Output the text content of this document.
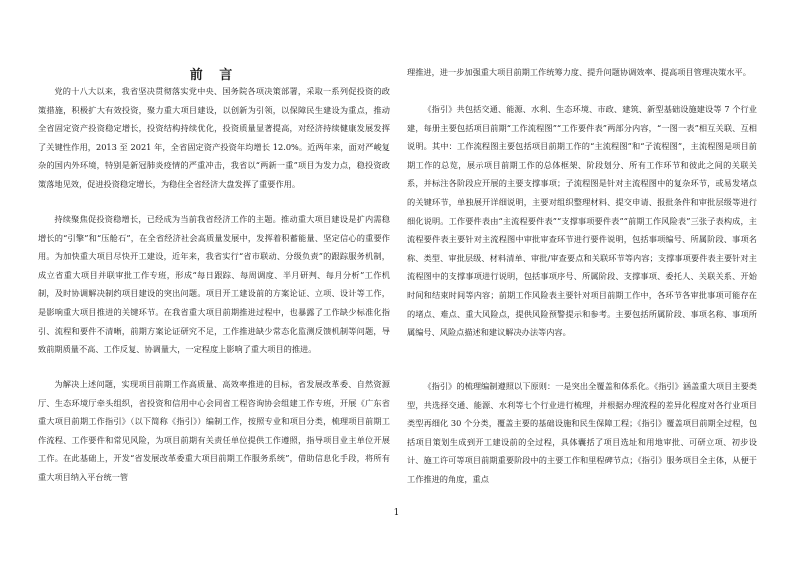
前 言

党的十八大以来，我省坚决贯彻落实党中央、国务院各项决策部署，采取一系列促投资的政策措施，积极扩大有效投资，聚力重大项目建设，以创新为引领，以保障民生建设为重点，推动全省固定资产投资稳定增长，投资结构持续优化，投资质量显著提高，对经济持续健康发展发挥了关键性作用，2013 至 2021 年，全省固定资产投资年均增长 12.0%。近两年来，面对严峻复杂的国内外环境，特别是新冠肺炎疫情的严重冲击，我省以“两新一重”项目为发力点，稳投资政策落地见效，促进投资稳定增长，为稳住全省经济大盘发挥了重要作用。

持续聚焦促投资稳增长，已经成为当前我省经济工作的主题。推动重大项目建设是扩内需稳增长的“引擎”和“压舱石”，在全省经济社会高质量发展中，发挥着积蓄能量、坚定信心的重要作用。为加快重大项目尽快开工建设，近年来，我省实行“省市联动、分级负责”的跟踪服务机制，成立省重大项目并联审批工作专班，形成“每日跟踪、每周调度、半月研判、每月分析”工作机制，及时协调解决制约项目建设的突出问题。项目开工建设前的方案论证、立项、设计等工作，是影响重大项目推进的关键环节。在我省重大项目前期推进过程中，也暴露了工作缺少标准化指引、流程和要件不清晰，前期方案论证研究不足，工作推进缺少常态化监测反馈机制等问题，导致前期质量不高、工作反复、协调量大，一定程度上影响了重大项目的推进。

为解决上述问题，实现项目前期工作高质量、高效率推进的目标，省发展改革委、自然资源厅、生态环境厅牵头组织，省投资和信用中心会同省工程咨询协会组建工作专班，开展《广东省重大项目前期工作指引》（以下简称《指引》）编制工作，按照专业和项目分类，梳理项目前期工作流程、工作要件和常见风险，为项目前期有关责任单位提供工作遵照，指导项目业主单位开展工作。在此基础上，开发“省发展改革委重大项目前期工作服务系统”，借助信息化手段，将所有重大项目纳入平台统一管

理推进，进一步加强重大项目前期工作统筹力度、提升问题协调效率、提高项目管理决策水平。

《指引》共包括交通、能源、水利、生态环境、市政、建筑、新型基础设施建设等 7 个行业建，每册主要包括项目前期“工作流程图”“工作要件表”两部分内容，“一图一表”相互关联、互相说明。其中：工作流程图主要包括项目前期工作的“主流程图”和“子流程图”，主流程图是项目前期工作的总览，展示项目前期工作的总体框架、阶段划分、所有工作环节和彼此之间的关联关系，并标注各阶段应开展的主要支撑事项；子流程图是针对主流程图中的复杂环节，或易发堵点的关键环节，单独展开详细说明，主要对组织整理材料、提交申请、报批条件和审批层级等进行细化说明。工作要件表由“主流程要件表”“支撑事项要件表”“前期工作风险表”三张子表构成，主流程要件表主要针对主流程图中审批审查环节进行要件说明，包括事项编号、所属阶段、事项名称、类型、审批层级、材料清单、审批/审查要点和关联环节等内容；支撑事项要件表主要针对主流程图中的支撑事项进行说明，包括事项序号、所属阶段、支撑事项、委托人、关联关系、开始时间和结束时间等内容；前期工作风险表主要针对项目前期工作中，各环节各审批事项可能存在的堵点、难点、重大风险点，提供风险预警提示和参考。主要包括所属阶段、事项名称、事项所属编号、风险点描述和建议解决办法等内容。

《指引》的梳理编制遵照以下原则：一是突出全覆盖和体系化。《指引》涵盖重大项目主要类型，共选择交通、能源、水利等七个行业进行梳理，并根据办理流程的差异化程度对各行业项目类型再细化 30 个分类，覆盖主要的基础设施和民生保障工程；《指引》覆盖项目前期全过程，包括项目策划生成到开工建设前的全过程，具体囊括了项目选址和用地审批、可研立项、初步设计、施工许可等项目前期重要阶段中的主要工作和里程碑节点；《指引》服务项目全主体，从便于工作推进的角度，重点

1
